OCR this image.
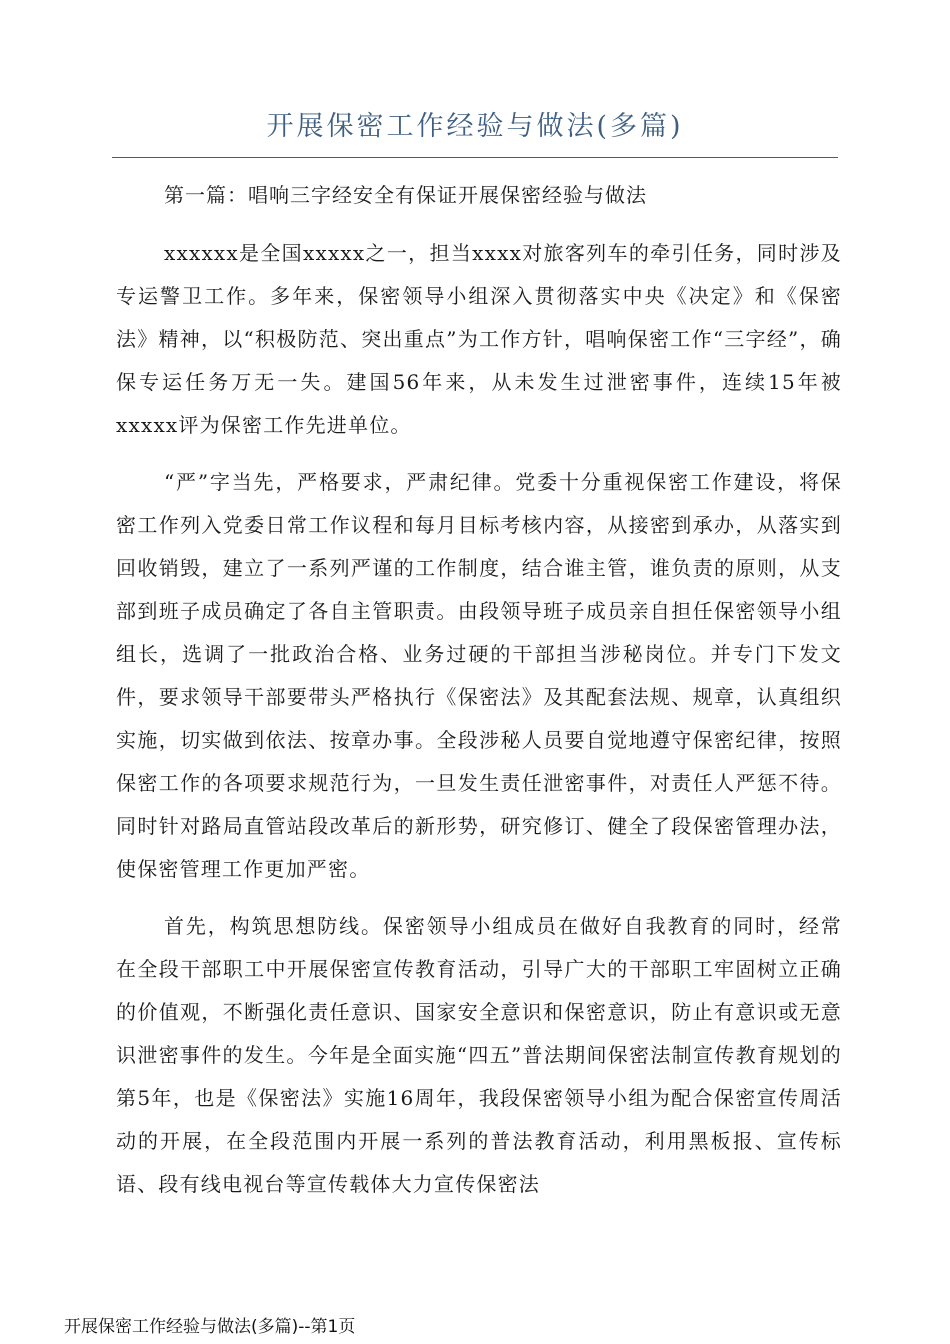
开展保密工作经验与做法(多篇)

第一篇：唱响三字经安全有保证开展保密经验与做法

xxxxxx是全国xxxxx之一，担当xxxx对旅客列车的牵引任务，同时涉及专运警卫工作。多年来，保密领导小组深入贯彻落实中央《决定》和《保密法》精神，以“积极防范、突出重点”为工作方针，唱响保密工作“三字经”，确保专运任务万无一失。建国56年来，从未发生过泄密事件，连续15年被xxxxx评为保密工作先进单位。

“严”字当先，严格要求，严肃纪律。党委十分重视保密工作建设，将保密工作列入党委日常工作议程和每月目标考核内容，从接密到承办，从落实到回收销毁，建立了一系列严谨的工作制度，结合谁主管，谁负责的原则，从支部到班子成员确定了各自主管职责。由段领导班子成员亲自担任保密领导小组组长，选调了一批政治合格、业务过硬的干部担当涉秘岗位。并专门下发文件，要求领导干部要带头严格执行《保密法》及其配套法规、规章，认真组织实施，切实做到依法、按章办事。全段涉秘人员要自觉地遵守保密纪律，按照保密工作的各项要求规范行为，一旦发生责任泄密事件，对责任人严惩不待。同时针对路局直管站段改革后的新形势，研究修订、健全了段保密管理办法，使保密管理工作更加严密。

首先，构筑思想防线。保密领导小组成员在做好自我教育的同时，经常在全段干部职工中开展保密宣传教育活动，引导广大的干部职工牢固树立正确的价值观，不断强化责任意识、国家安全意识和保密意识，防止有意识或无意识泄密事件的发生。今年是全面实施“四五”普法期间保密法制宣传教育规划的第5年，也是《保密法》实施16周年，我段保密领导小组为配合保密宣传周活动的开展，在全段范围内开展一系列的普法教育活动，利用黑板报、宣传标语、段有线电视台等宣传载体大力宣传保密法

开展保密工作经验与做法(多篇)--第1页
